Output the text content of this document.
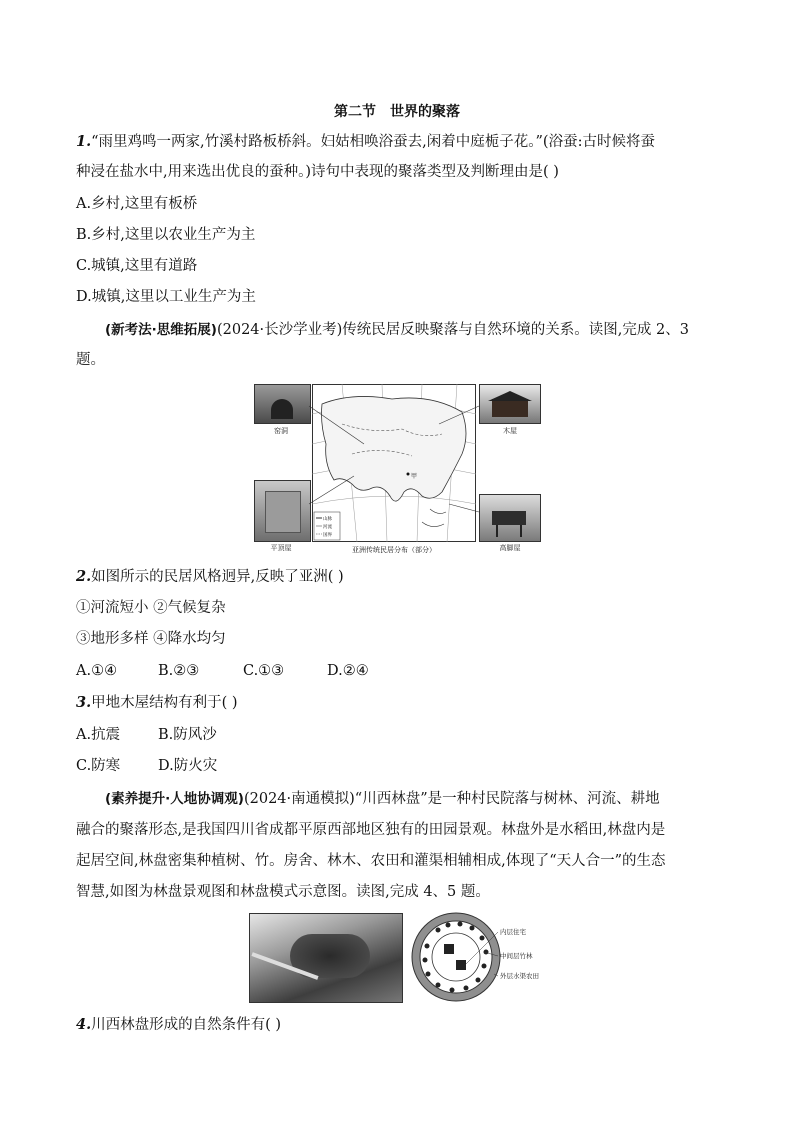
第二节　世界的聚落
1.“雨里鸡鸣一两家,竹溪村路板桥斜。妇姑相唤浴蚕去,闲着中庭栀子花。”(浴蚕:古时候将蚕
种浸在盐水中,用来选出优良的蚕种。)诗句中表现的聚落类型及判断理由是( )
A.乡村,这里有板桥
B.乡村,这里以农业生产为主
C.城镇,这里有道路
D.城镇,这里以工业生产为主
(新考法·思维拓展)(2024·长沙学业考)传统民居反映聚落与自然环境的关系。读图,完成 2、3
题。
窑洞
平顶屋
木屋
高脚屋
甲
山脉
河流
国界
亚洲传统民居分布（部分）
2.如图所示的民居风格迥异,反映了亚洲( )
①河流短小 ②气候复杂
③地形多样 ④降水均匀
A.①④	B.②③	C.①③	D.②④
3.甲地木屋结构有利于( )
A.抗震	B.防风沙
C.防寒	D.防火灾
(素养提升·人地协调观)(2024·南通模拟)“川西林盘”是一种村民院落与树林、河流、耕地
融合的聚落形态,是我国四川省成都平原西部地区独有的田园景观。林盘外是水稻田,林盘内是
起居空间,林盘密集种植树、竹。房舍、林木、农田和灌渠相辅相成,体现了“天人合一”的生态
智慧,如图为林盘景观图和林盘模式示意图。读图,完成 4、5 题。
内层住宅
中间层竹林
外层水渠农田
4.川西林盘形成的自然条件有( )
